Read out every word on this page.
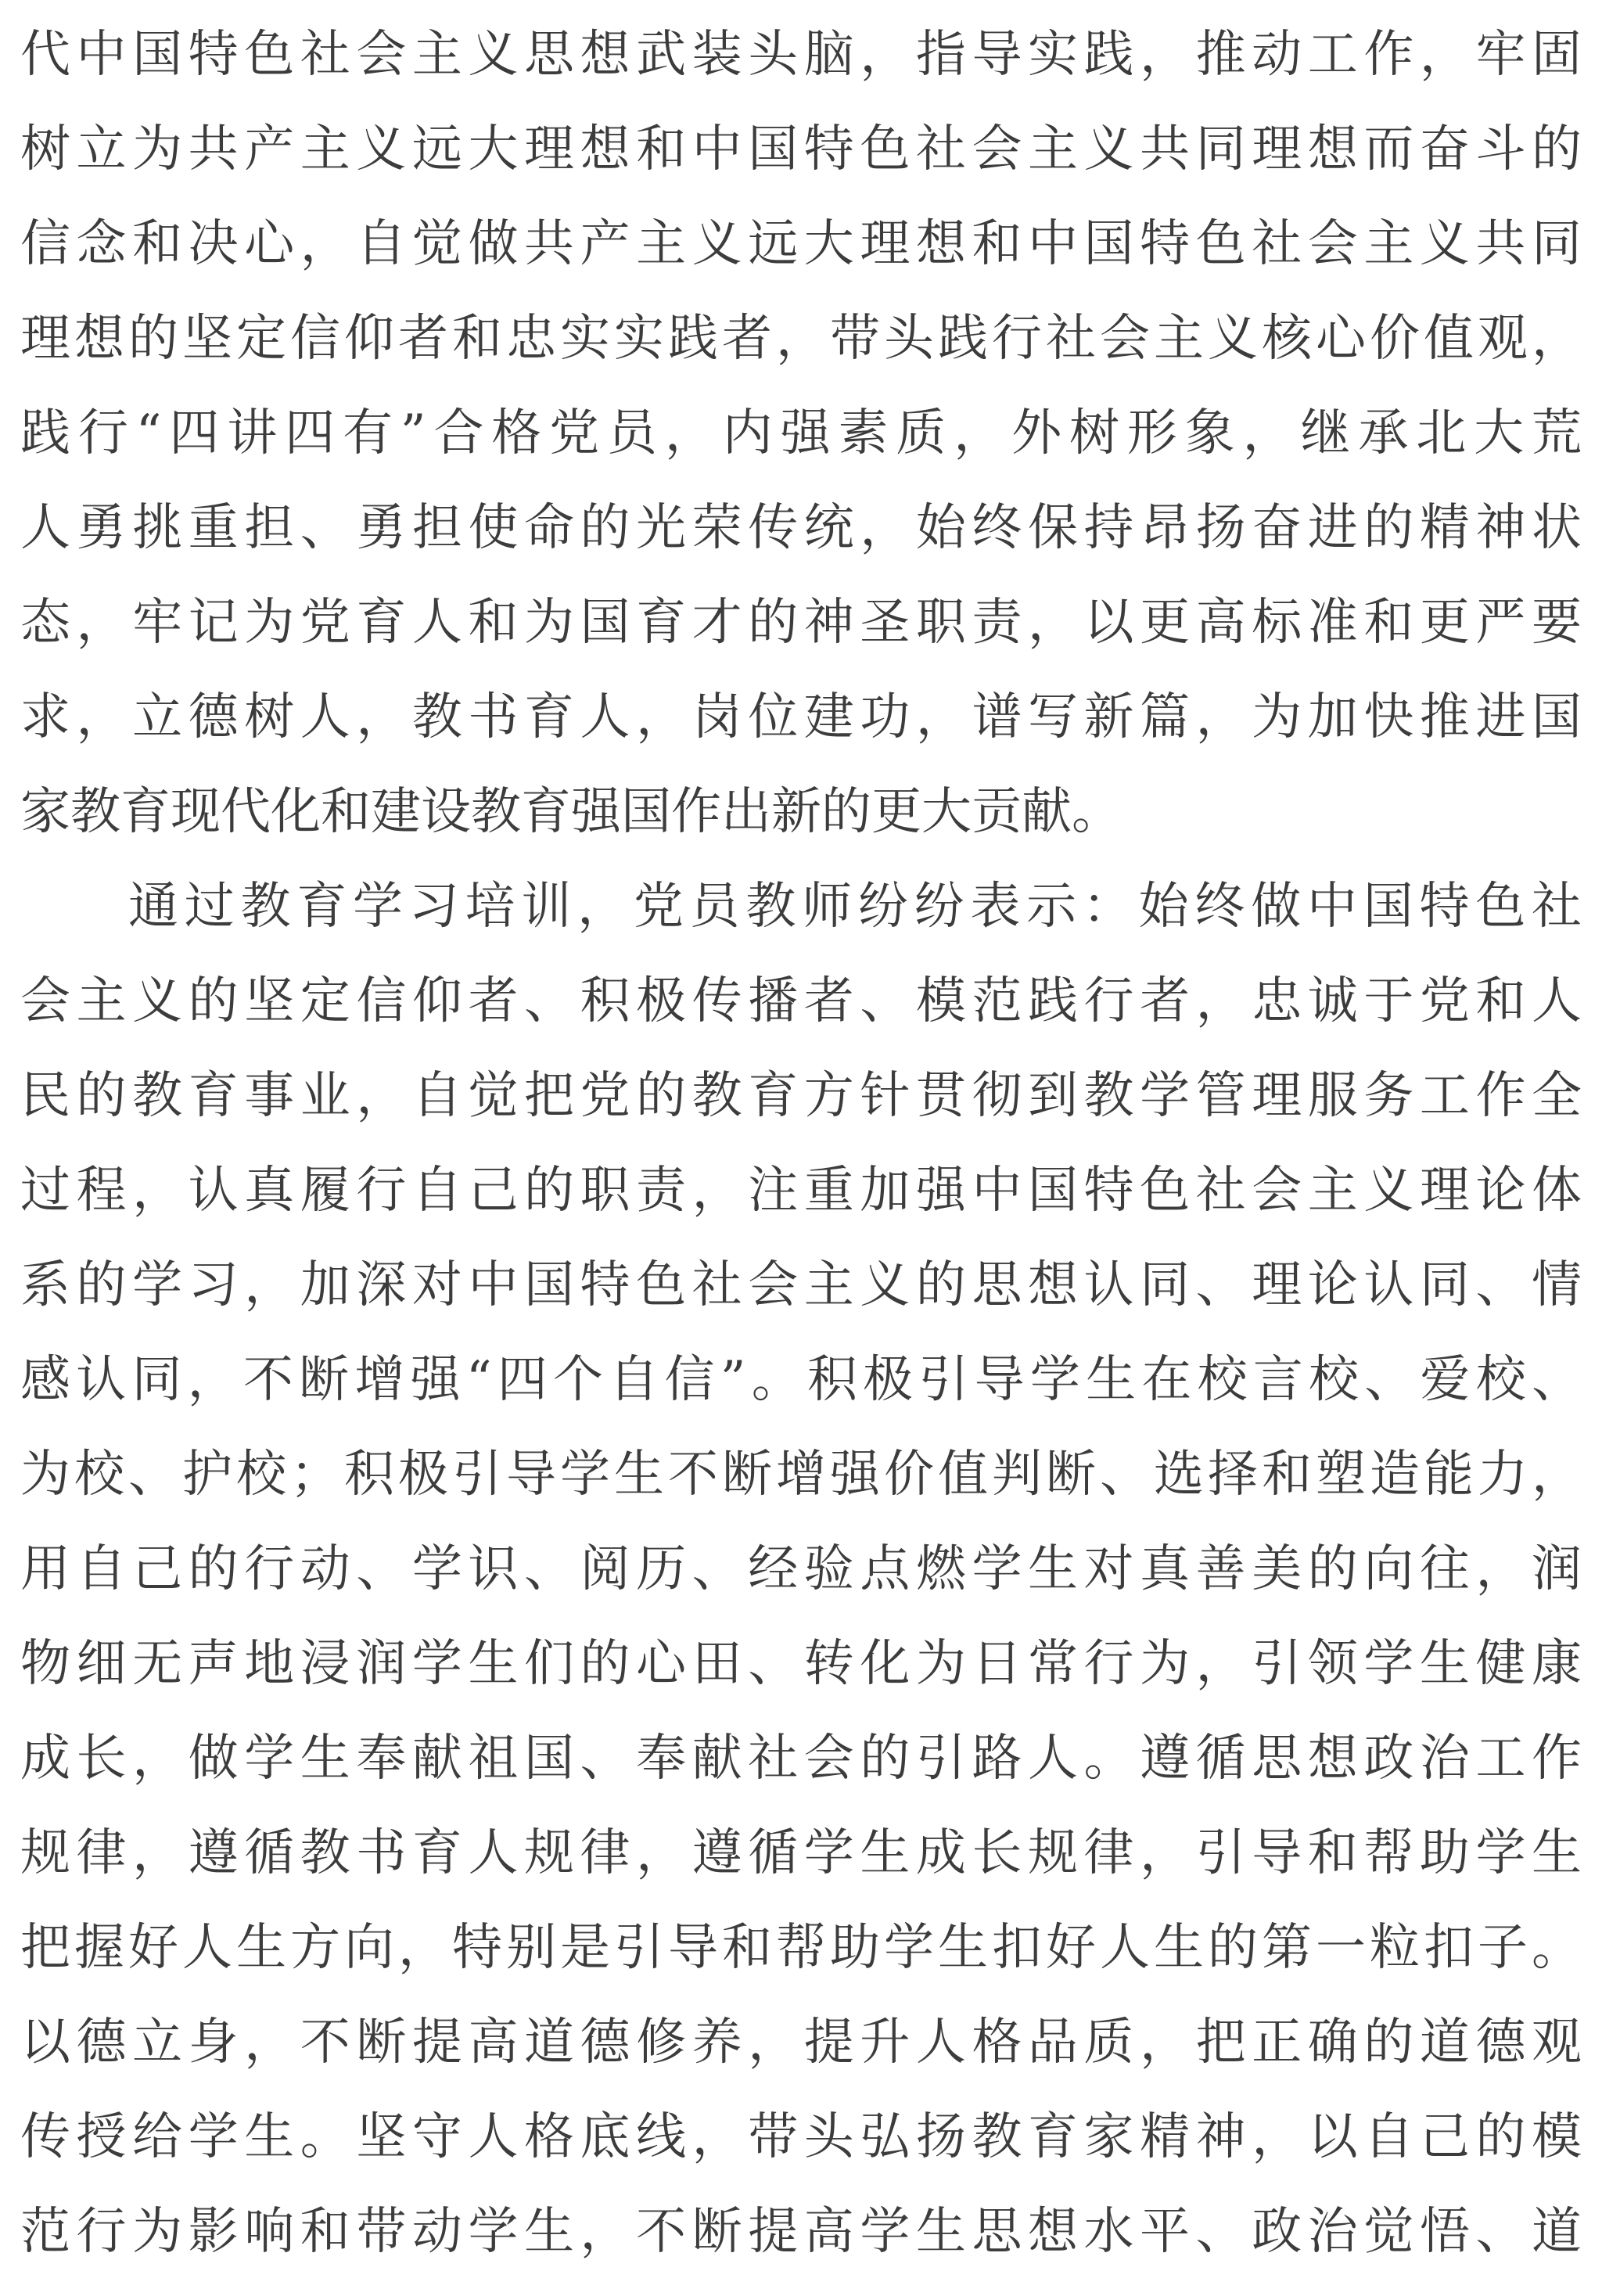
代中国特色社会主义思想武装头脑，指导实践，推动工作，牢固
树立为共产主义远大理想和中国特色社会主义共同理想而奋斗的
信念和决心，自觉做共产主义远大理想和中国特色社会主义共同
理想的坚定信仰者和忠实实践者，带头践行社会主义核心价值观，
践行“四讲四有”合格党员，内强素质，外树形象，继承北大荒
人勇挑重担、勇担使命的光荣传统，始终保持昂扬奋进的精神状
态，牢记为党育人和为国育才的神圣职责，以更高标准和更严要
求，立德树人，教书育人，岗位建功，谱写新篇，为加快推进国
家教育现代化和建设教育强国作出新的更大贡献。
通过教育学习培训，党员教师纷纷表示：始终做中国特色社
会主义的坚定信仰者、积极传播者、模范践行者，忠诚于党和人
民的教育事业，自觉把党的教育方针贯彻到教学管理服务工作全
过程，认真履行自己的职责，注重加强中国特色社会主义理论体
系的学习，加深对中国特色社会主义的思想认同、理论认同、情
感认同，不断增强“四个自信”。积极引导学生在校言校、爱校、
为校、护校；积极引导学生不断增强价值判断、选择和塑造能力，
用自己的行动、学识、阅历、经验点燃学生对真善美的向往，润
物细无声地浸润学生们的心田、转化为日常行为，引领学生健康
成长，做学生奉献祖国、奉献社会的引路人。遵循思想政治工作
规律，遵循教书育人规律，遵循学生成长规律，引导和帮助学生
把握好人生方向，特别是引导和帮助学生扣好人生的第一粒扣子。
以德立身，不断提高道德修养，提升人格品质，把正确的道德观
传授给学生。坚守人格底线，带头弘扬教育家精神，以自己的模
范行为影响和带动学生，不断提高学生思想水平、政治觉悟、道
